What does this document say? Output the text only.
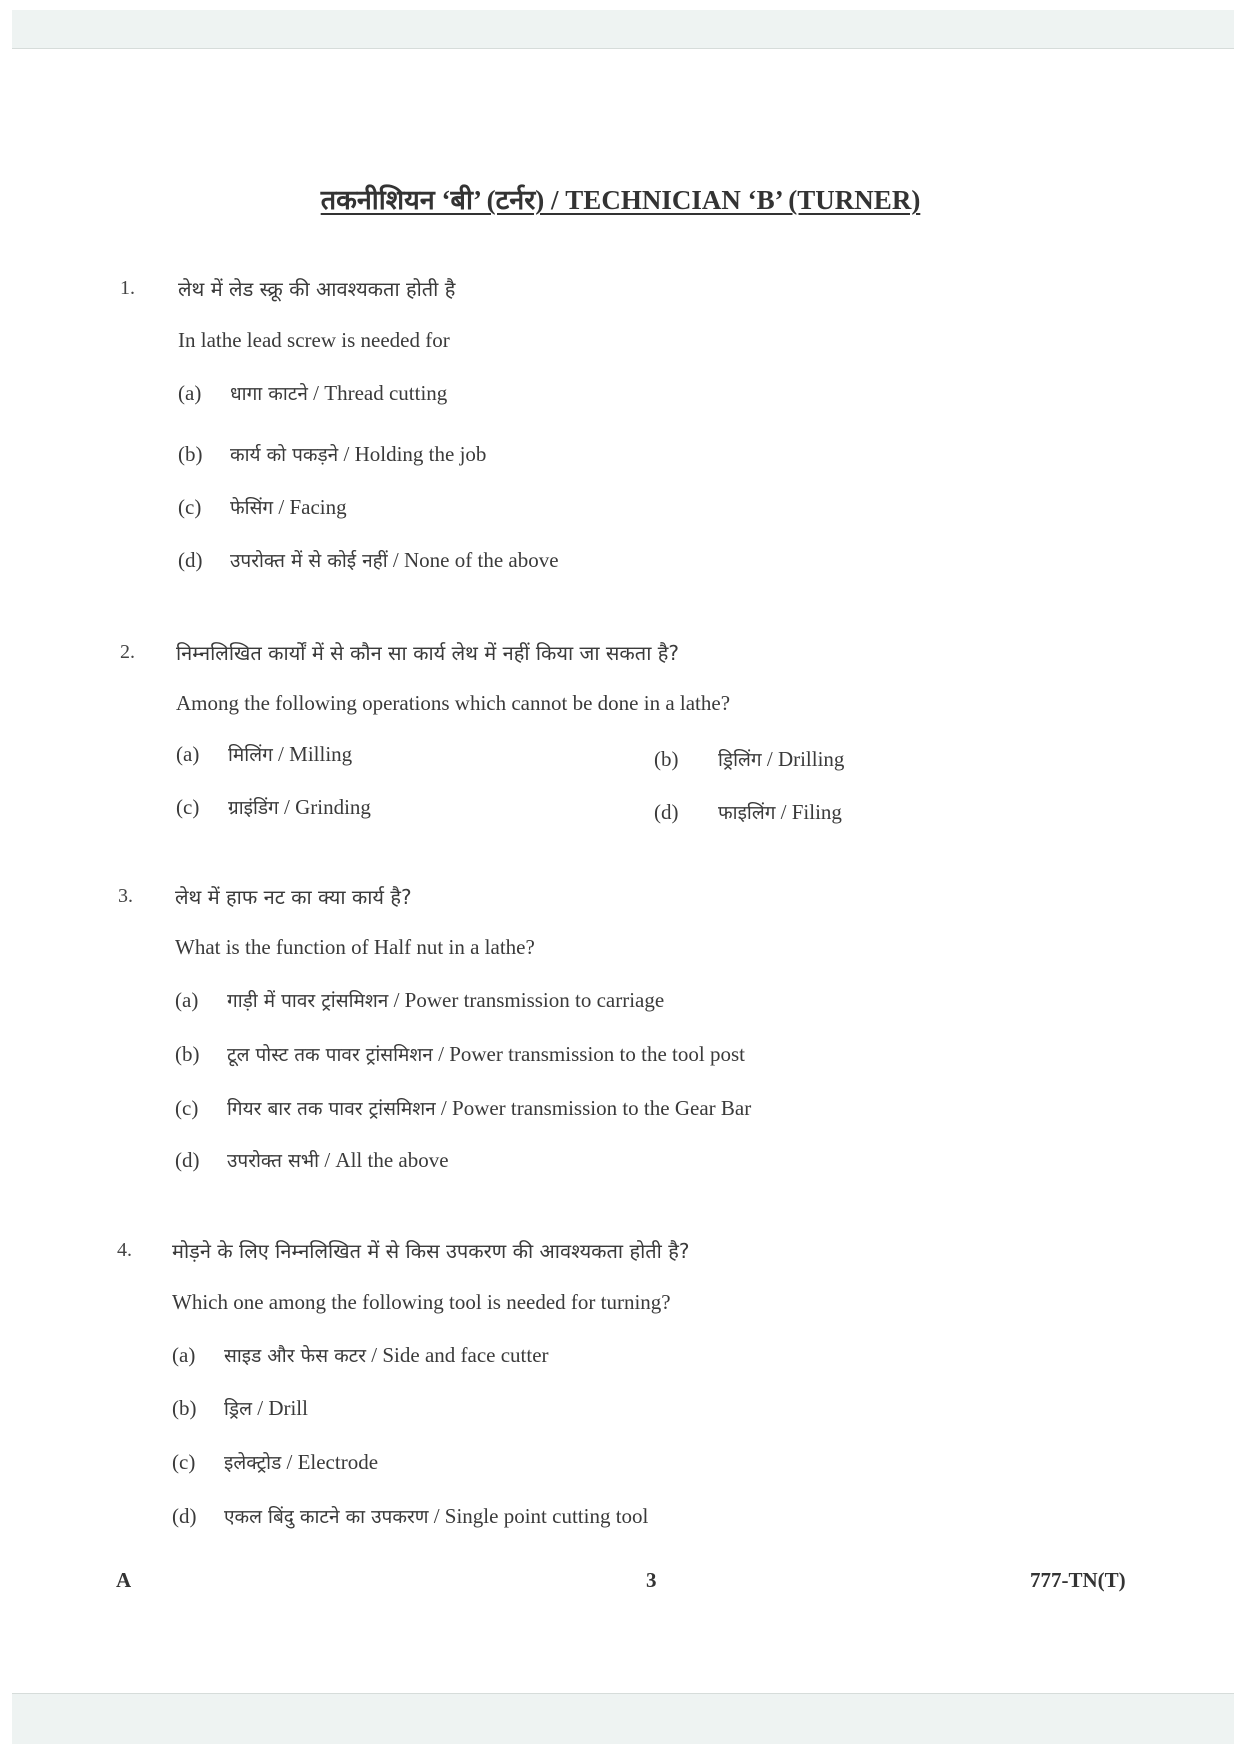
तकनीशियन ‘बी’ (टर्नर) / TECHNICIAN ‘B’ (TURNER)
1. लेथ में लेड स्क्रू की आवश्यकता होती है
In lathe lead screw is needed for
(a) धागा काटने / Thread cutting
(b) कार्य को पकड़ने / Holding the job
(c) फेसिंग / Facing
(d) उपरोक्त में से कोई नहीं / None of the above
2. निम्नलिखित कार्यों में से कौन सा कार्य लेथ में नहीं किया जा सकता है?
Among the following operations which cannot be done in a lathe?
(a) मिलिंग / Milling	(b) ड्रिलिंग / Drilling
(c) ग्राइंडिंग / Grinding	(d) फाइलिंग / Filing
3. लेथ में हाफ नट का क्या कार्य है?
What is the function of Half nut in a lathe?
(a) गाड़ी में पावर ट्रांसमिशन / Power transmission to carriage
(b) टूल पोस्ट तक पावर ट्रांसमिशन / Power transmission to the tool post
(c) गियर बार तक पावर ट्रांसमिशन / Power transmission to the Gear Bar
(d) उपरोक्त सभी / All the above
4. मोड़ने के लिए निम्नलिखित में से किस उपकरण की आवश्यकता होती है?
Which one among the following tool is needed for turning?
(a) साइड और फेस कटर / Side and face cutter
(b) ड्रिल / Drill
(c) इलेक्ट्रोड / Electrode
(d) एकल बिंदु काटने का उपकरण / Single point cutting tool
A	3	777-TN(T)
